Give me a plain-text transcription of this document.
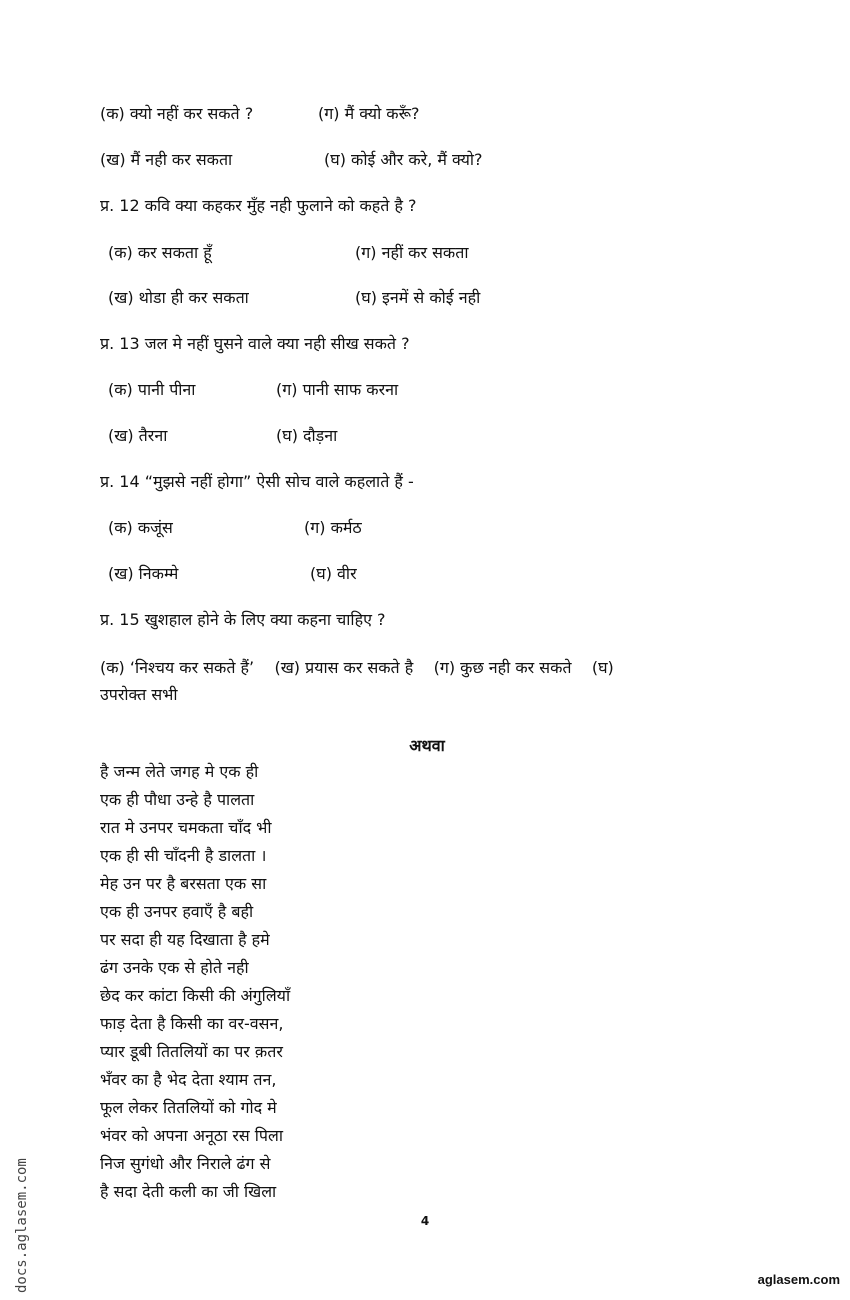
(क) क्यो नहीं कर सकते ?	(ग) मैं क्यो करूँ?
(ख) मैं नही कर सकता	(घ) कोई और करे, मैं क्यो?
प्र. 12 कवि क्या कहकर मुँह नही फुलाने को कहते है ?
(क) कर सकता हूँ	(ग) नहीं कर सकता
(ख) थोडा ही कर सकता	(घ) इनमें से कोई नही
प्र. 13 जल मे नहीं घुसने वाले क्या नही सीख सकते ?
(क) पानी पीना	(ग) पानी साफ करना
(ख) तैरना	(घ) दौड़ना
प्र. 14 “मुझसे नहीं होगा” ऐसी सोच वाले कहलाते हैं -
(क) कजूंस	(ग) कर्मठ
(ख) निकम्मे	(घ) वीर
प्र. 15 खुशहाल होने के लिए क्या कहना चाहिए ?
(क) ‘निश्चय कर सकते हैं’    (ख) प्रयास कर सकते है    (ग) कुछ नही कर सकते    (घ)
उपरोक्त सभी
अथवा
है जन्म लेते जगह मे एक ही
एक ही पौधा उन्हे है पालता
रात मे उनपर चमकता चाँद भी
एक ही सी चाँदनी है डालता ।
मेह उन पर है बरसता एक सा
एक ही उनपर हवाएँ है बही
पर सदा ही यह दिखाता है हमे
ढंग उनके एक से होते नही
छेद कर कांटा किसी की अंगुलियाँ
फाड़ देता है किसी का वर-वसन,
प्यार डूबी तितलियों का पर क़तर
भँवर का है भेद देता श्याम तन,
फूल लेकर तितलियों को गोद मे
भंवर को अपना अनूठा रस पिला
निज सुगंधो और निराले ढंग से
है सदा देती कली का जी खिला
4
docs.aglasem.com	aglasem.com
